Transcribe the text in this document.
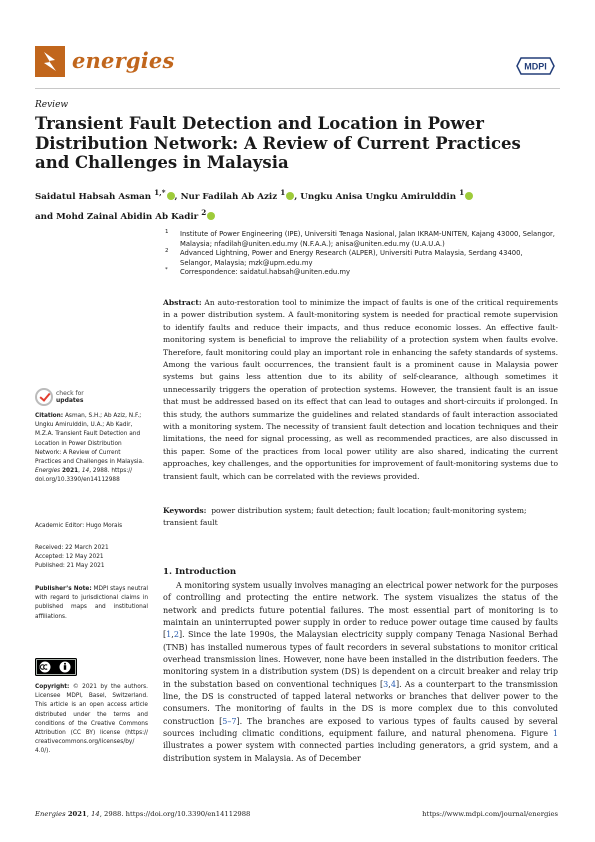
energies	MDPI
Review
Transient Fault Detection and Location in Power Distribution Network: A Review of Current Practices and Challenges in Malaysia
Saidatul Habsah Asman $^{1,*}$ , Nur Fadilah Ab Aziz $^1$ , Ungku Anisa Ungku Amirulddin $^1$
and Mohd Zainal Abidin Ab Kadir $^2$
1 Institute of Power Engineering (IPE), Universiti Tenaga Nasional, Jalan IKRAM-UNITEN, Kajang 43000, Selangor, Malaysia; nfadilah@uniten.edu.my (N.F.A.A.); anisa@uniten.edu.my (U.A.U.A.)
2 Advanced Lightning, Power and Energy Research (ALPER), Universiti Putra Malaysia, Serdang 43400, Selangor, Malaysia; mzk@upm.edu.my
* Correspondence: saidatul.habsah@uniten.edu.my
Abstract: An auto-restoration tool to minimize the impact of faults is one of the critical requirements in a power distribution system. A fault-monitoring system is needed for practical remote supervision to identify faults and reduce their impacts, and thus reduce economic losses. An effective fault-monitoring system is beneficial to improve the reliability of a protection system when faults evolve. Therefore, fault monitoring could play an important role in enhancing the safety standards of systems. Among the various fault occurrences, the transient fault is a prominent cause in Malaysia power systems but gains less attention due to its ability of self-clearance, although sometimes it unnecessarily triggers the operation of protection systems. However, the transient fault is an issue that must be addressed based on its effect that can lead to outages and short-circuits if prolonged. In this study, the authors summarize the guidelines and related standards of fault interaction associated with a monitoring system. The necessity of transient fault detection and location techniques and their limitations, the need for signal processing, as well as recommended practices, are also discussed in this paper. Some of the practices from local power utility are also shared, indicating the current approaches, key challenges, and the opportunities for improvement of fault-monitoring systems due to transient fault, which can be correlated with the reviews provided.
Keywords: power distribution system; fault detection; fault location; fault-monitoring system; transient fault
check for
updates
Citation: Asman, S.H.; Ab Aziz, N.F.; Ungku Amirulddin, U.A.; Ab Kadir, M.Z.A. Transient Fault Detection and Location in Power Distribution Network: A Review of Current Practices and Challenges in Malaysia. Energies 2021, 14, 2988. https:// doi.org/10.3390/en14112988
Academic Editor: Hugo Morais
Received: 22 March 2021
Accepted: 12 May 2021
Published: 21 May 2021
Publisher’s Note: MDPI stays neutral with regard to jurisdictional claims in published maps and institutional affiliations.
Copyright: © 2021 by the authors. Licensee MDPI, Basel, Switzerland. This article is an open access article distributed under the terms and conditions of the Creative Commons Attribution (CC BY) license (https:// creativecommons.org/licenses/by/ 4.0/).
1. Introduction

A monitoring system usually involves managing an electrical power network for the purposes of controlling and protecting the entire network. The system visualizes the status of the network and predicts future potential failures. The most essential part of monitoring is to maintain an uninterrupted power supply in order to reduce power outage time caused by faults [1,2]. Since the late 1990s, the Malaysian electricity supply company Tenaga Nasional Berhad (TNB) has installed numerous types of fault recorders in several substations to monitor critical overhead transmission lines. However, none have been installed in the distribution feeders. The monitoring system in a distribution system (DS) is dependent on a circuit breaker and relay trip in the substation based on conventional techniques [3,4]. As a counterpart to the transmission line, the DS is constructed of tapped lateral networks or branches that deliver power to the consumers. The monitoring of faults in the DS is more complex due to this convoluted construction [5–7]. The branches are exposed to various types of faults caused by several sources including climatic conditions, equipment failure, and natural phenomena. Figure 1 illustrates a power system with connected parties including generators, a grid system, and a distribution system in Malaysia. As of December

Energies 2021, 14, 2988. https://doi.org/10.3390/en14112988	https://www.mdpi.com/journal/energies
